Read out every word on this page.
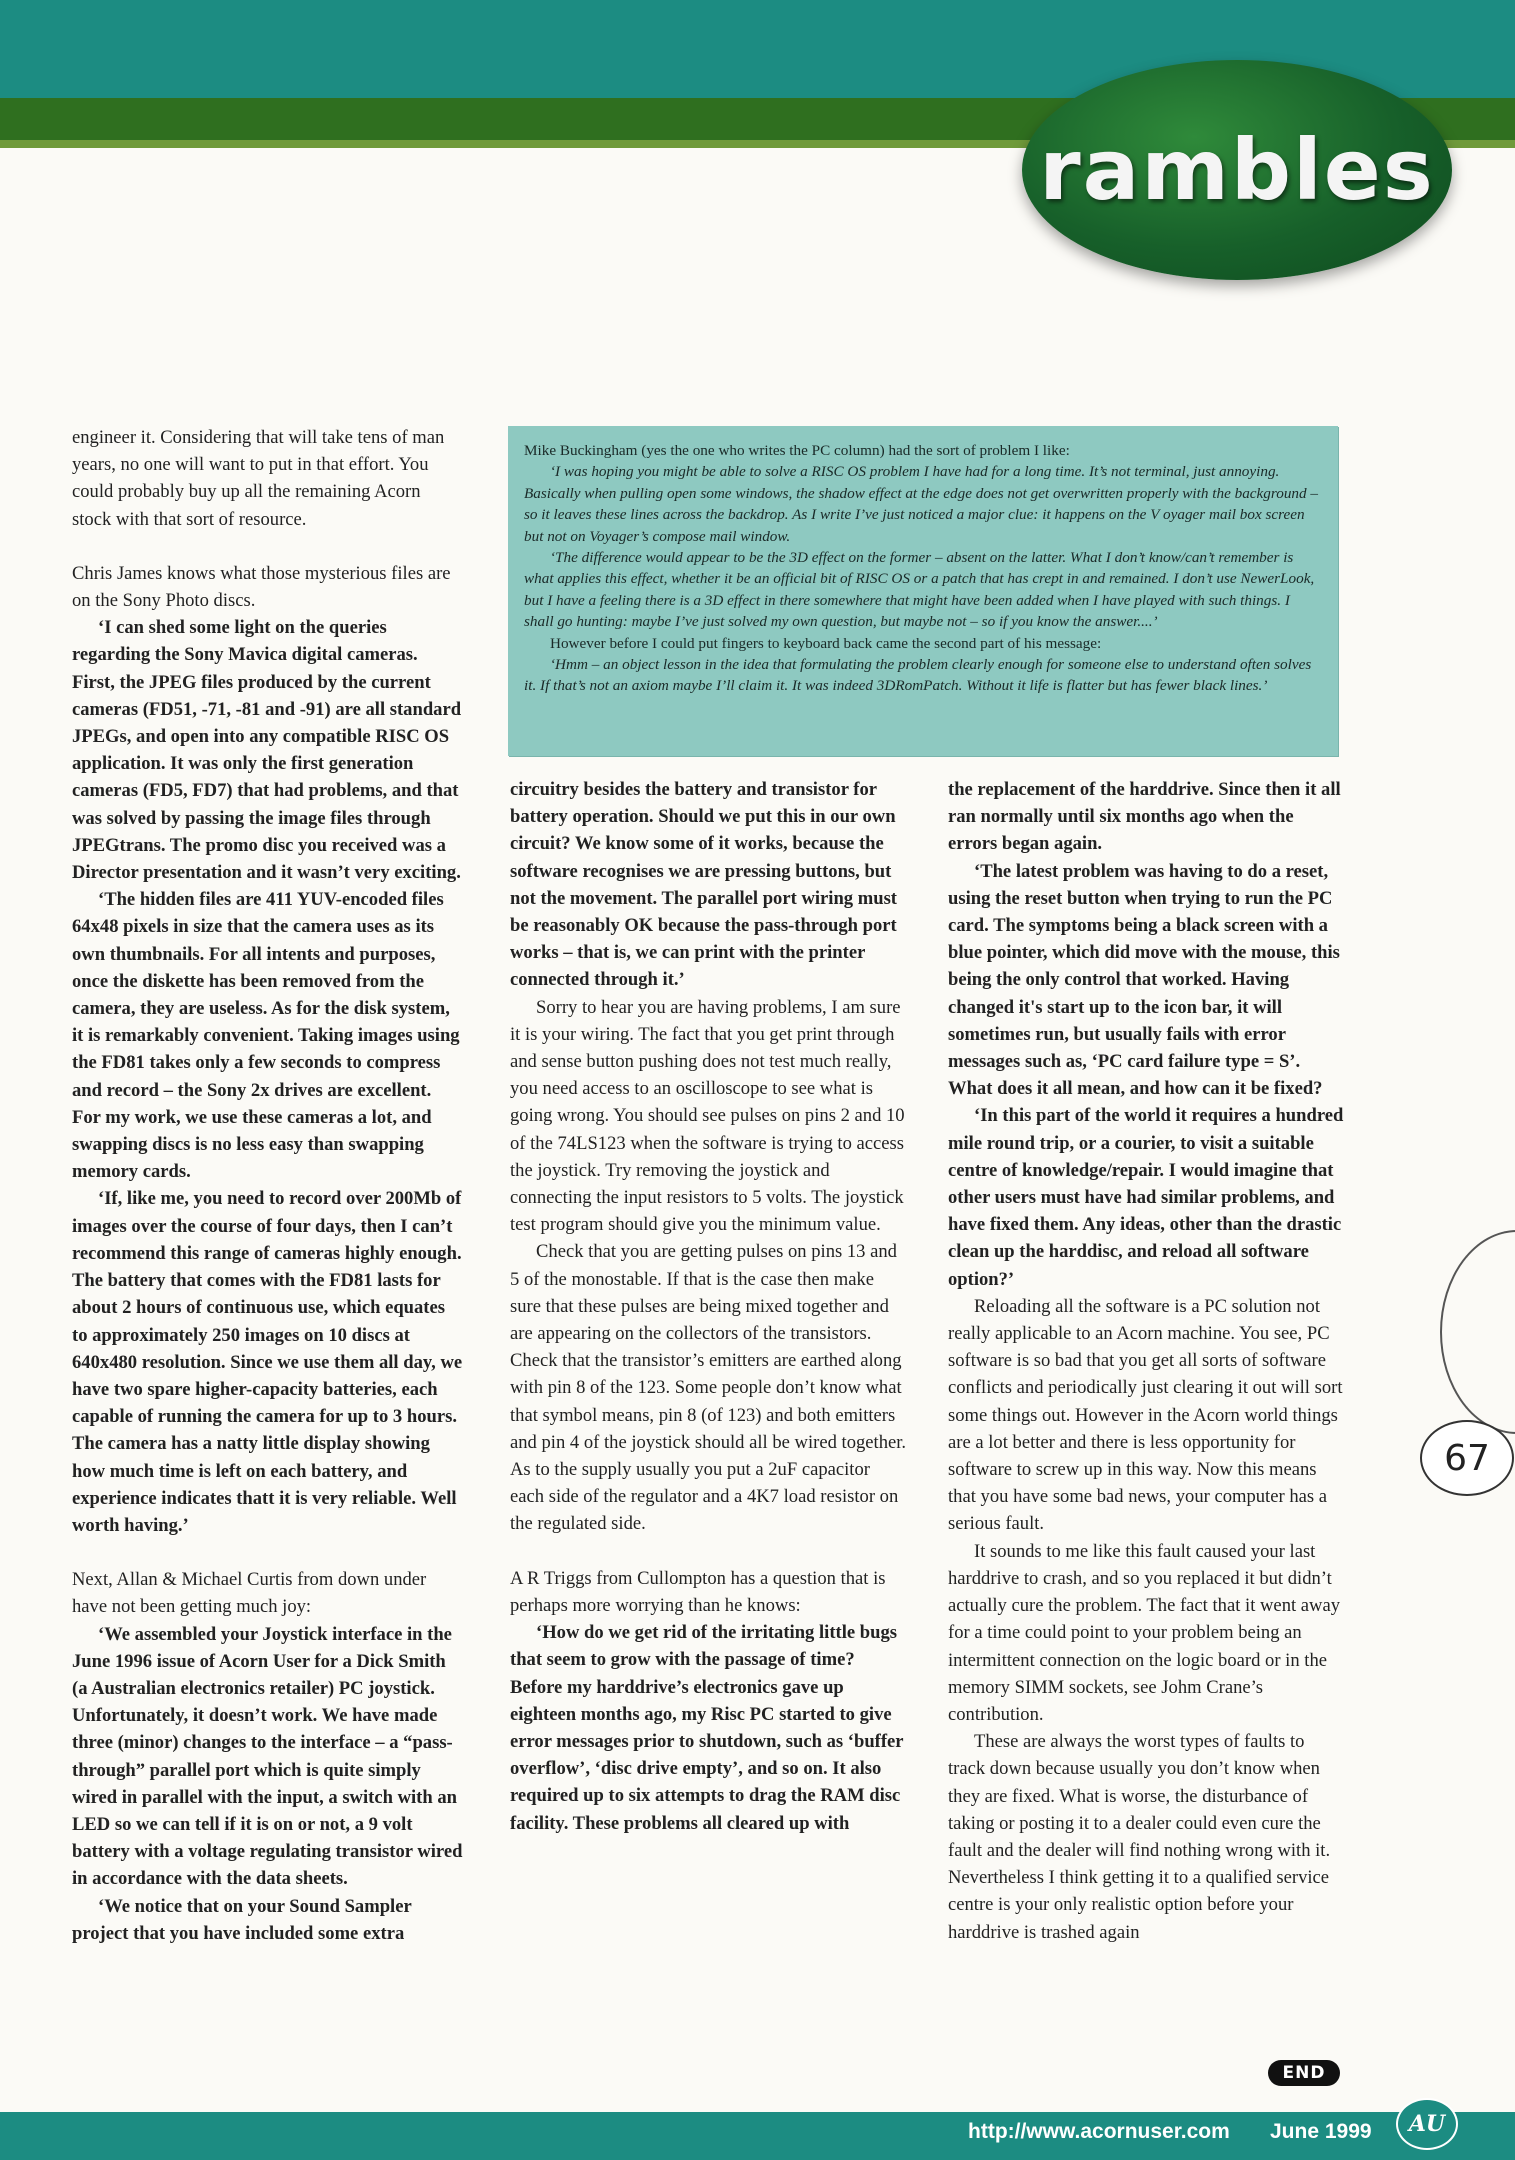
rambles

engineer it. Considering that will take tens of man years, no one will want to put in that effort. You could probably buy up all the remaining Acorn stock with that sort of resource.

Chris James knows what those mysterious files are on the Sony Photo discs.

‘I can shed some light on the queries regarding the Sony Mavica digital cameras. First, the JPEG files produced by the current cameras (FD51, -71, -81 and -91) are all standard JPEGs, and open into any compatible RISC OS application. It was only the first generation cameras (FD5, FD7) that had problems, and that was solved by passing the image files through JPEGtrans. The promo disc you received was a Director presentation and it wasn’t very exciting.

‘The hidden files are 411 YUV-encoded files 64x48 pixels in size that the camera uses as its own thumbnails. For all intents and purposes, once the diskette has been removed from the camera, they are useless. As for the disk system, it is remarkably convenient. Taking images using the FD81 takes only a few seconds to compress and record – the Sony 2x drives are excellent. For my work, we use these cameras a lot, and swapping discs is no less easy than swapping memory cards.

‘If, like me, you need to record over 200Mb of images over the course of four days, then I can’t recommend this range of cameras highly enough. The battery that comes with the FD81 lasts for about 2 hours of continuous use, which equates to approximately 250 images on 10 discs at 640x480 resolution. Since we use them all day, we have two spare higher-capacity batteries, each capable of running the camera for up to 3 hours. The camera has a natty little display showing how much time is left on each battery, and experience indicates thatt it is very reliable. Well worth having.’

Next, Allan & Michael Curtis from down under have not been getting much joy:

‘We assembled your Joystick interface in the June 1996 issue of Acorn User for a Dick Smith (a Australian electronics retailer) PC joystick. Unfortunately, it doesn’t work. We have made three (minor) changes to the interface – a “pass-through” parallel port which is quite simply wired in parallel with the input, a switch with an LED so we can tell if it is on or not, a 9 volt battery with a voltage regulating transistor wired in accordance with the data sheets.

‘We notice that on your Sound Sampler project that you have included some extra

Mike Buckingham (yes the one who writes the PC column) had the sort of problem I like:

‘I was hoping you might be able to solve a RISC OS problem I have had for a long time. It’s not terminal, just annoying. Basically when pulling open some windows, the shadow effect at the edge does not get overwritten properly with the background – so it leaves these lines across the backdrop. As I write I’ve just noticed a major clue: it happens on the V oyager mail box screen but not on Voyager’s compose mail window.

‘The difference would appear to be the 3D effect on the former – absent on the latter. What I don’t know/can’t remember is what applies this effect, whether it be an official bit of RISC OS or a patch that has crept in and remained. I don’t use NewerLook, but I have a feeling there is a 3D effect in there somewhere that might have been added when I have played with such things. I shall go hunting: maybe I’ve just solved my own question, but maybe not – so if you know the answer....’

However before I could put fingers to keyboard back came the second part of his message:

‘Hmm – an object lesson in the idea that formulating the problem clearly enough for someone else to understand often solves it. If that’s not an axiom maybe I’ll claim it. It was indeed 3DRomPatch. Without it life is flatter but has fewer black lines.’

circuitry besides the battery and transistor for battery operation. Should we put this in our own circuit? We know some of it works, because the software recognises we are pressing buttons, but not the movement. The parallel port wiring must be reasonably OK because the pass-through port works – that is, we can print with the printer connected through it.’

Sorry to hear you are having problems, I am sure it is your wiring. The fact that you get print through and sense button pushing does not test much really, you need access to an oscilloscope to see what is going wrong. You should see pulses on pins 2 and 10 of the 74LS123 when the software is trying to access the joystick. Try removing the joystick and connecting the input resistors to 5 volts. The joystick test program should give you the minimum value.

Check that you are getting pulses on pins 13 and 5 of the monostable. If that is the case then make sure that these pulses are being mixed together and are appearing on the collectors of the transistors. Check that the transistor’s emitters are earthed along with pin 8 of the 123. Some people don’t know what that symbol means, pin 8 (of 123) and both emitters and pin 4 of the joystick should all be wired together. As to the supply usually you put a 2uF capacitor each side of the regulator and a 4K7 load resistor on the regulated side.

A R Triggs from Cullompton has a question that is perhaps more worrying than he knows:

‘How do we get rid of the irritating little bugs that seem to grow with the passage of time? Before my harddrive’s electronics gave up eighteen months ago, my Risc PC started to give error messages prior to shutdown, such as ‘buffer overflow’, ‘disc drive empty’, and so on. It also required up to six attempts to drag the RAM disc facility. These problems all cleared up with

the replacement of the harddrive. Since then it all ran normally until six months ago when the errors began again.

‘The latest problem was having to do a reset, using the reset button when trying to run the PC card. The symptoms being a black screen with a blue pointer, which did move with the mouse, this being the only control that worked. Having changed it's start up to the icon bar, it will sometimes run, but usually fails with error messages such as, ‘PC card failure type = S’. What does it all mean, and how can it be fixed?

‘In this part of the world it requires a hundred mile round trip, or a courier, to visit a suitable centre of knowledge/repair. I would imagine that other users must have had similar problems, and have fixed them. Any ideas, other than the drastic clean up the harddisc, and reload all software option?’

Reloading all the software is a PC solution not really applicable to an Acorn machine. You see, PC software is so bad that you get all sorts of software conflicts and periodically just clearing it out will sort some things out. However in the Acorn world things are a lot better and there is less opportunity for software to screw up in this way. Now this means that you have some bad news, your computer has a serious fault.

It sounds to me like this fault caused your last harddrive to crash, and so you replaced it but didn’t actually cure the problem. The fact that it went away for a time could point to your problem being an intermittent connection on the logic board or in the memory SIMM sockets, see Johm Crane’s contribution.

These are always the worst types of faults to track down because usually you don’t know when they are fixed. What is worse, the disturbance of taking or posting it to a dealer could even cure the fault and the dealer will find nothing wrong with it. Nevertheless I think getting it to a qualified service centre is your only realistic option before your harddrive is trashed again

67
END
http://www.acornuser.com June 1999	AU
